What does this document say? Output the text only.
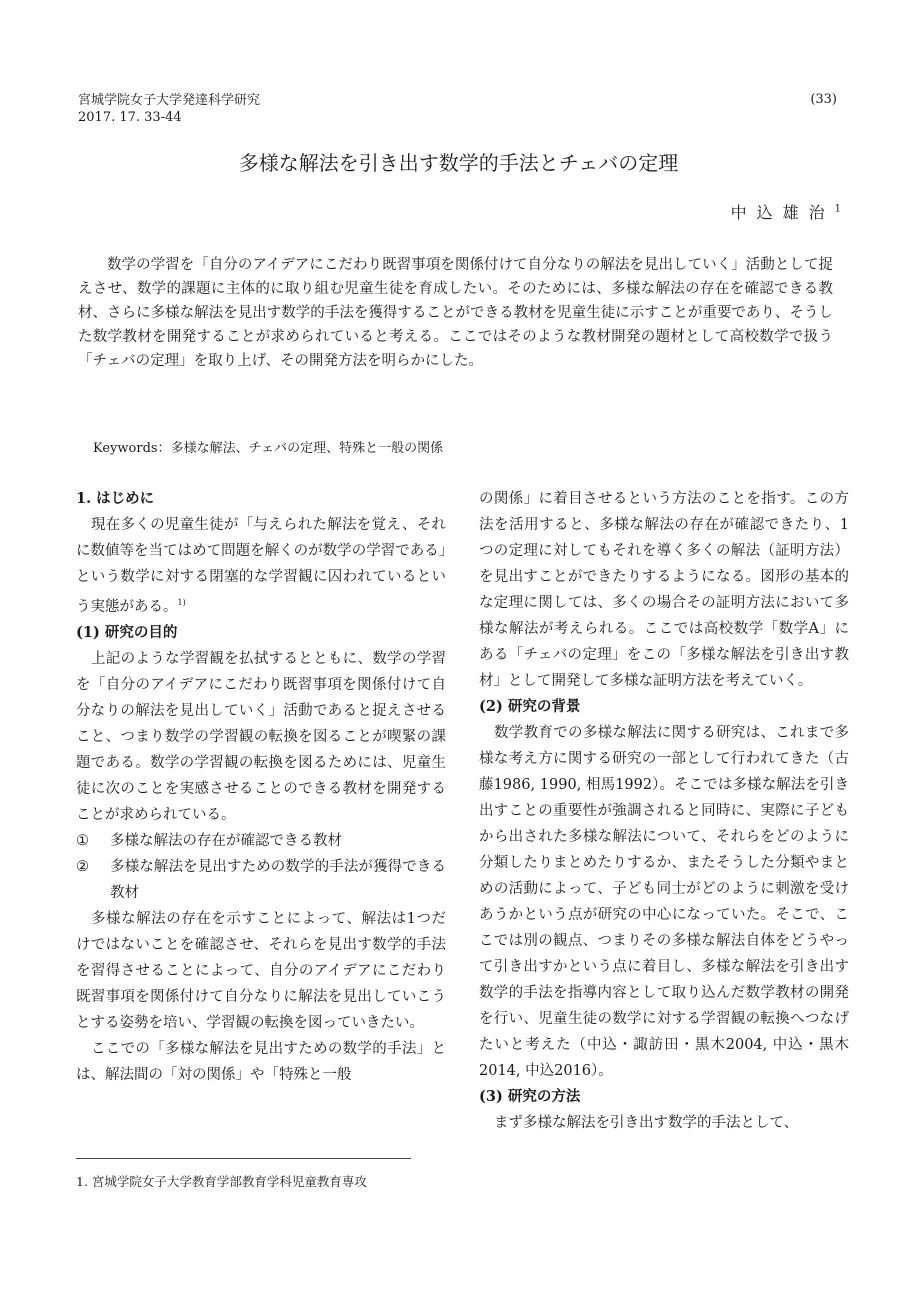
宮城学院女子大学発達科学研究
2017. 17. 33-44
(33)
多様な解法を引き出す数学的手法とチェバの定理
中込雄治$^1$

数学の学習を「自分のアイデアにこだわり既習事項を関係付けて自分なりの解法を見出していく」活動として捉えさせ、数学的課題に主体的に取り組む児童生徒を育成したい。そのためには、多様な解法の存在を確認できる教材、さらに多様な解法を見出す数学的手法を獲得することができる教材を児童生徒に示すことが重要であり、そうした数学教材を開発することが求められていると考える。ここではそのような教材開発の題材として高校数学で扱う「チェバの定理」を取り上げ、その開発方法を明らかにした。

Keywords：多様な解法、チェバの定理、特殊と一般の関係
1. はじめに

現在多くの児童生徒が「与えられた解法を覚え、それに数値等を当てはめて問題を解くのが数学の学習である」という数学に対する閉塞的な学習観に囚われているという実態がある。$^{1)}$

(1) 研究の目的

上記のような学習観を払拭するとともに、数学の学習を「自分のアイデアにこだわり既習事項を関係付けて自分なりの解法を見出していく」活動であると捉えさせること、つまり数学の学習観の転換を図ることが喫緊の課題である。数学の学習観の転換を図るためには、児童生徒に次のことを実感させることのできる教材を開発することが求められている。

① 多様な解法の存在が確認できる教材
② 多様な解法を見出すための数学的手法が獲得できる教材

多様な解法の存在を示すことによって、解法は1つだけではないことを確認させ、それらを見出す数学的手法を習得させることによって、自分のアイデアにこだわり既習事項を関係付けて自分なりに解法を見出していこうとする姿勢を培い、学習観の転換を図っていきたい。

ここでの「多様な解法を見出すための数学的手法」とは、解法間の「対の関係」や「特殊と一般

の関係」に着目させるという方法のことを指す。この方法を活用すると、多様な解法の存在が確認できたり、1つの定理に対してもそれを導く多くの解法（証明方法）を見出すことができたりするようになる。図形の基本的な定理に関しては、多くの場合その証明方法において多様な解法が考えられる。ここでは高校数学「数学A」にある「チェバの定理」をこの「多様な解法を引き出す教材」として開発して多様な証明方法を考えていく。

(2) 研究の背景

数学教育での多様な解法に関する研究は、これまで多様な考え方に関する研究の一部として行われてきた（古藤1986, 1990, 相馬1992）。そこでは多様な解法を引き出すことの重要性が強調されると同時に、実際に子どもから出された多様な解法について、それらをどのように分類したりまとめたりするか、またそうした分類やまとめの活動によって、子ども同士がどのように刺激を受けあうかという点が研究の中心になっていた。そこで、ここでは別の観点、つまりその多様な解法自体をどうやって引き出すかという点に着目し、多様な解法を引き出す数学的手法を指導内容として取り込んだ数学教材の開発を行い、児童生徒の数学に対する学習観の転換へつなげたいと考えた（中込・諏訪田・黒木2004, 中込・黒木2014, 中込2016）。

(3) 研究の方法

まず多様な解法を引き出す数学的手法として、

1. 宮城学院女子大学教育学部教育学科児童教育専攻
